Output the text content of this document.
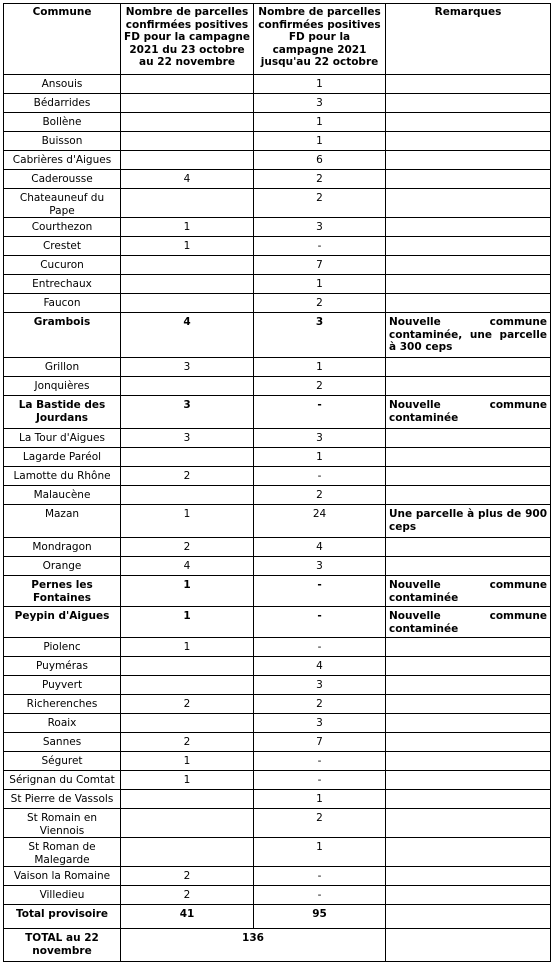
Commune	Nombre de parcelles confirmées positives FD pour la campagne 2021 du 23 octobre au 22 novembre	Nombre de parcelles confirmées positives FD pour la campagne 2021 jusqu'au 22 octobre	Remarques
Ansouis		1	
Bédarrides		3	
Bollène		1	
Buisson		1	
Cabrières d'Aigues		6	
Caderousse	4	2	
Chateauneuf du Pape		2	
Courthezon	1	3	
Crestet	1	-	
Cucuron		7	
Entrechaux		1	
Faucon		2	
Grambois	4	3	Nouvelle commune contaminée, une parcelle à 300 ceps
Grillon	3	1	
Jonquières		2	
La Bastide des Jourdans	3	-	Nouvelle commune contaminée
La Tour d'Aigues	3	3	
Lagarde Paréol		1	
Lamotte du Rhône	2	-	
Malaucène		2	
Mazan	1	24	Une parcelle à plus de 900 ceps
Mondragon	2	4	
Orange	4	3	
Pernes les Fontaines	1	-	Nouvelle commune contaminée
Peypin d'Aigues	1	-	Nouvelle commune contaminée
Piolenc	1	-	
Puyméras		4	
Puyvert		3	
Richerenches	2	2	
Roaix		3	
Sannes	2	7	
Séguret	1	-	
Sérignan du Comtat	1	-	
St Pierre de Vassols		1	
St Romain en Viennois		2	
St Roman de Malegarde		1	
Vaison la Romaine	2	-	
Villedieu	2	-	
Total provisoire	41	95	
TOTAL au 22 novembre	136		
